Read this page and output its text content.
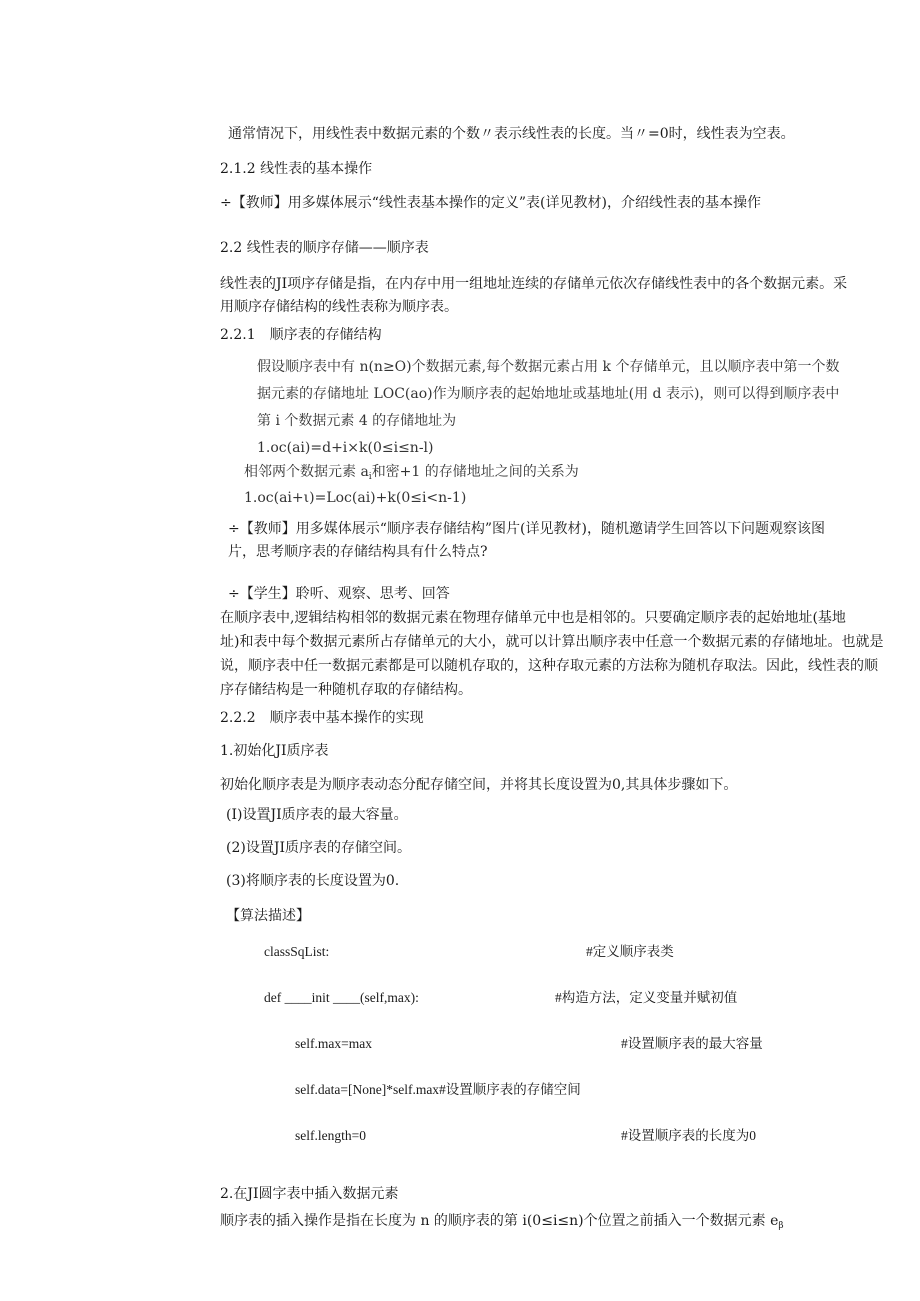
通常情况下，用线性表中数据元素的个数〃表示线性表的长度。当〃=0时，线性表为空表。
2.1.2 线性表的基本操作
÷【教师】用多媒体展示“线性表基本操作的定义”表(详见教材)，介绍线性表的基本操作
2.2 线性表的顺序存储——顺序表
线性表的JI项序存储是指，在内存中用一组地址连续的存储单元依次存储线性表中的各个数据元素。采
用顺序存储结构的线性表称为顺序表。
2.2.1　顺序表的存储结构
假设顺序表中有 n(n≥O)个数据元素,每个数据元素占用 k 个存储单元，且以顺序表中第一个数
据元素的存储地址 LOC(ao)作为顺序表的起始地址或基地址(用 d 表示)，则可以得到顺序表中
第 i 个数据元素 4 的存储地址为
1.oc(ai)=d+i×k(0≤i≤n-l)
相邻两个数据元素 $a_i$和密+1 的存储地址之间的关系为
1.oc(ai+ι)=Loc(ai)+k(0≤i<n-1)
÷【教师】用多媒体展示“顺序表存储结构”图片(详见教材)，随机邀请学生回答以下问题观察该图
片，思考顺序表的存储结构具有什么特点?
÷【学生】聆听、观察、思考、回答
在顺序表中,逻辑结构相邻的数据元素在物理存储单元中也是相邻的。只要确定顺序表的起始地址(基地
址)和表中每个数据元素所占存储单元的大小，就可以计算出顺序表中任意一个数据元素的存储地址。也就是
说，顺序表中任一数据元素都是可以随机存取的，这种存取元素的方法称为随机存取法。因此，线性表的顺
序存储结构是一种随机存取的存储结构。
2.2.2　顺序表中基本操作的实现
1.初始化JI质序表
初始化顺序表是为顺序表动态分配存储空间，并将其长度设置为0,其具体步骤如下。
(I)设置JI质序表的最大容量。
(2)设置JI质序表的存储空间。
(3)将顺序表的长度设置为0.
【算法描述】
classSqList:	#定义顺序表类
def ____init ____(self,max):	#构造方法，定义变量并赋初值
self.max=max	#设置顺序表的最大容量
self.data=[None]*self.max#设置顺序表的存储空间
self.length=0	#设置顺序表的长度为0
2.在JI圆字表中插入数据元素
顺序表的插入操作是指在长度为 n 的顺序表的第 i(0≤i≤n)个位置之前插入一个数据元素 $e_\beta$
